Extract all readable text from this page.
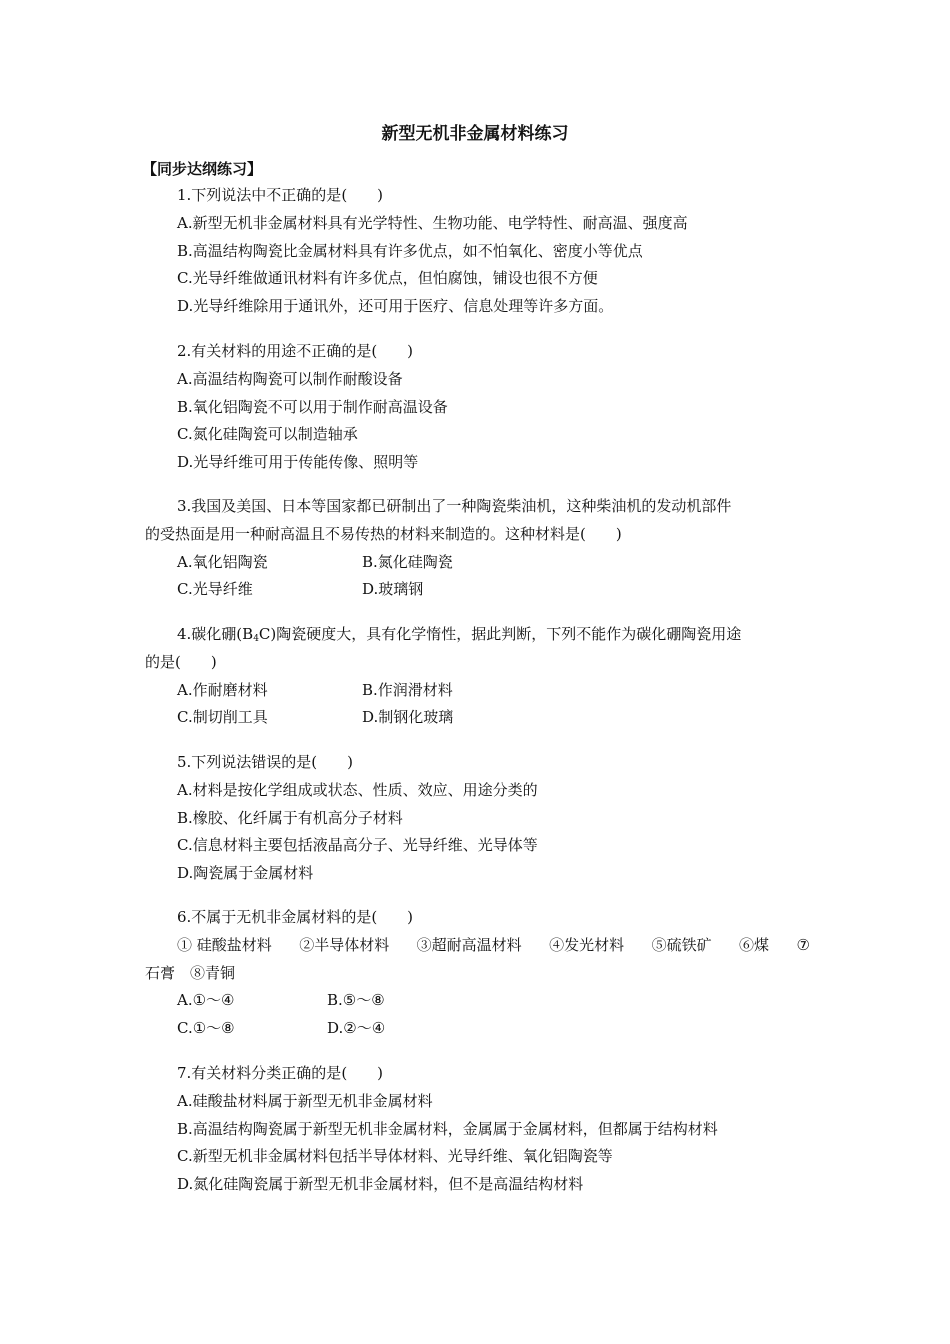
新型无机非金属材料练习
【同步达纲练习】
1.下列说法中不正确的是(　　)
A.新型无机非金属材料具有光学特性、生物功能、电学特性、耐高温、强度高
B.高温结构陶瓷比金属材料具有许多优点，如不怕氧化、密度小等优点
C.光导纤维做通讯材料有许多优点，但怕腐蚀，铺设也很不方便
D.光导纤维除用于通讯外，还可用于医疗、信息处理等许多方面。
2.有关材料的用途不正确的是(　　)
A.高温结构陶瓷可以制作耐酸设备
B.氧化铝陶瓷不可以用于制作耐高温设备
C.氮化硅陶瓷可以制造轴承
D.光导纤维可用于传能传像、照明等
3.我国及美国、日本等国家都已研制出了一种陶瓷柴油机，这种柴油机的发动机部件
的受热面是用一种耐高温且不易传热的材料来制造的。这种材料是(　　)
A.氧化铝陶瓷	B.氮化硅陶瓷
C.光导纤维	D.玻璃钢
4.碳化硼$(B_4C)$陶瓷硬度大，具有化学惰性，据此判断，下列不能作为碳化硼陶瓷用途
的是(　　)
A.作耐磨材料	B.作润滑材料
C.制切削工具	D.制钢化玻璃
5.下列说法错误的是(　　)
A.材料是按化学组成或状态、性质、效应、用途分类的
B.橡胶、化纤属于有机高分子材料
C.信息材料主要包括液晶高分子、光导纤维、光导体等
D.陶瓷属于金属材料
6.不属于无机非金属材料的是(　　)
① 硅酸盐材料 ②半导体材料 ③超耐高温材料 ④发光材料 ⑤硫铁矿 ⑥煤 ⑦
石膏　⑧青铜
A.①～④	B.⑤～⑧
C.①～⑧	D.②～④
7.有关材料分类正确的是(　　)
A.硅酸盐材料属于新型无机非金属材料
B.高温结构陶瓷属于新型无机非金属材料，金属属于金属材料，但都属于结构材料
C.新型无机非金属材料包括半导体材料、光导纤维、氧化铝陶瓷等
D.氮化硅陶瓷属于新型无机非金属材料，但不是高温结构材料
